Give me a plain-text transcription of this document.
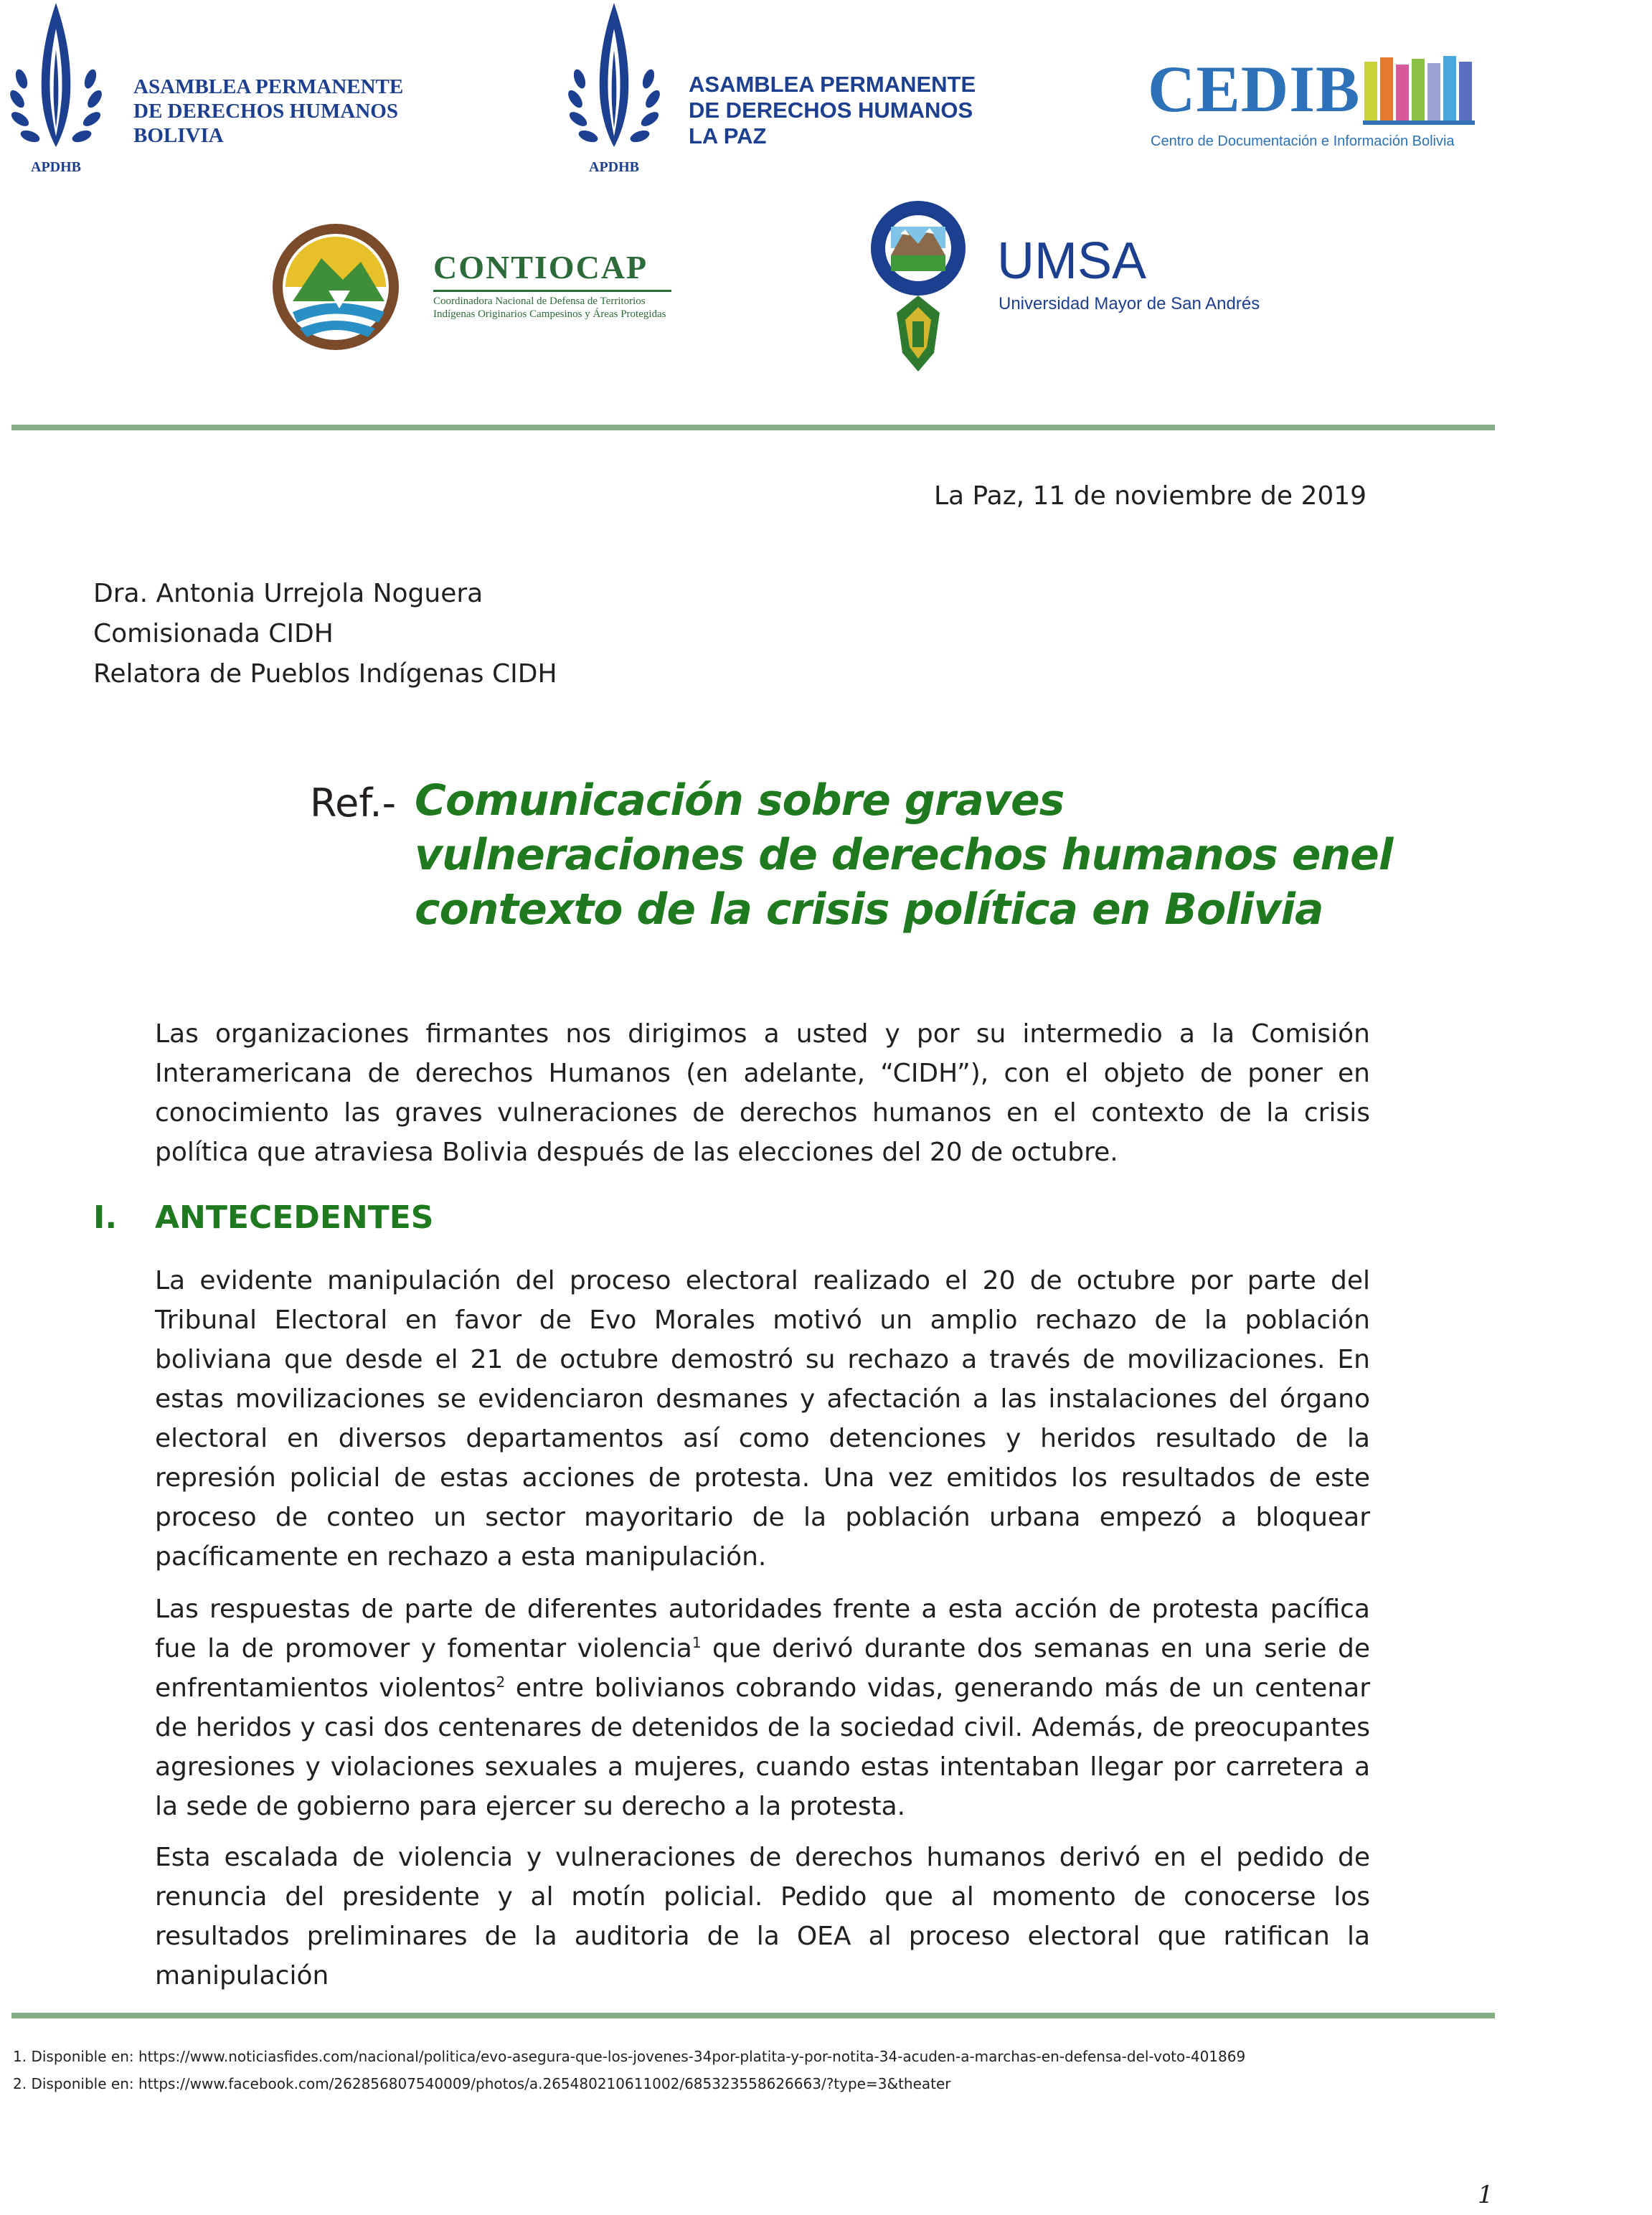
APDHB
ASAMBLEA PERMANENTE
DE DERECHOS HUMANOS
BOLIVIA
APDHB
ASAMBLEA PERMANENTE
DE DERECHOS HUMANOS
LA PAZ
CEDIB
Centro de Documentación e Información Bolivia
CONTIOCAP
Coordinadora Nacional de Defensa de Territorios
Indígenas Originarios Campesinos y Áreas Protegidas
UMSA
Universidad Mayor de San Andrés
La Paz, 11 de noviembre de 2019
Dra. Antonia Urrejola Noguera
Comisionada CIDH
Relatora de Pueblos Indígenas CIDH
Ref.- Comunicación sobre graves
vulneraciones de derechos humanos enel
contexto de la crisis política en Bolivia
Las organizaciones firmantes nos dirigimos a usted y por su intermedio a la Comisión Interamericana de derechos Humanos (en adelante, “CIDH”), con el objeto de poner en conocimiento las graves vulneraciones de derechos humanos en el contexto de la crisis política que atraviesa Bolivia después de las elecciones del 20 de octubre.
I. ANTECEDENTES
La evidente manipulación del proceso electoral realizado el 20 de octubre por parte del Tribunal Electoral en favor de Evo Morales motivó un amplio rechazo de la población boliviana que desde el 21 de octubre demostró su rechazo a través de movilizaciones. En estas movilizaciones se evidenciaron desmanes y afectación a las instalaciones del órgano electoral en diversos departamentos así como detenciones y heridos resultado de la represión policial de estas acciones de protesta. Una vez emitidos los resultados de este proceso de conteo un sector mayoritario de la población urbana empezó a bloquear pacíficamente en rechazo a esta manipulación.
Las respuestas de parte de diferentes autoridades frente a esta acción de protesta pacífica fue la de promover y fomentar violencia$^1$ que derivó durante dos semanas en una serie de enfrentamientos violentos$^2$ entre bolivianos cobrando vidas, generando más de un centenar de heridos y casi dos centenares de detenidos de la sociedad civil. Además, de preocupantes agresiones y violaciones sexuales a mujeres, cuando estas intentaban llegar por carretera a la sede de gobierno para ejercer su derecho a la protesta.
Esta escalada de violencia y vulneraciones de derechos humanos derivó en el pedido de renuncia del presidente y al motín policial. Pedido que al momento de conocerse los resultados preliminares de la auditoria de la OEA al proceso electoral que ratifican la manipulación
1. Disponible en: https://www.noticiasfides.com/nacional/politica/evo-asegura-que-los-jovenes-34por-platita-y-por-notita-34-acuden-a-marchas-en-defensa-del-voto-401869
2. Disponible en: https://www.facebook.com/262856807540009/photos/a.265480210611002/685323558626663/?type=3&theater
1
